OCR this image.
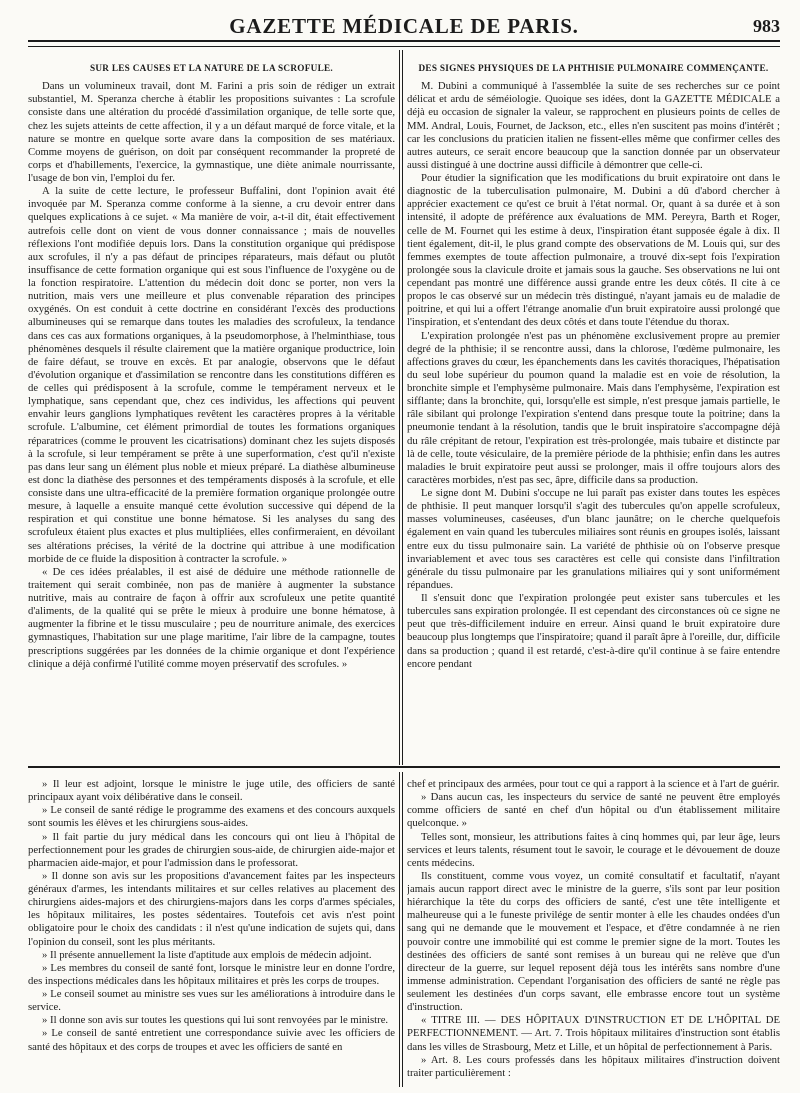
GAZETTE MÉDICALE DE PARIS.	983
SUR LES CAUSES ET LA NATURE DE LA SCROFULE.

Dans un volumineux travail, dont M. Farini a pris soin de rédiger un extrait substantiel, M. Speranza cherche à établir les propositions suivantes : La scrofule consiste dans une altération du procédé d'assimilation organique, de telle sorte que, chez les sujets atteints de cette affection, il y a un défaut marqué de force vitale, et la nature se montre en quelque sorte avare dans la composition de ses matériaux. Comme moyens de guérison, on doit par conséquent recommander la propreté de corps et d'habillements, l'exercice, la gymnastique, une diète animale nourrissante, l'usage de bon vin, l'emploi du fer.

A la suite de cette lecture, le professeur Buffalini, dont l'opinion avait été invoquée par M. Speranza comme conforme à la sienne, a cru devoir entrer dans quelques explications à ce sujet. « Ma manière de voir, a-t-il dit, était effectivement autrefois celle dont on vient de vous donner connaissance ; mais de nouvelles réflexions l'ont modifiée depuis lors. Dans la constitution organique qui prédispose aux scrofules, il n'y a pas défaut de principes réparateurs, mais défaut ou plutôt insuffisance de cette formation organique qui est sous l'influence de l'oxygène ou de la fonction respiratoire. L'attention du médecin doit donc se porter, non vers la nutrition, mais vers une meilleure et plus convenable réparation des principes oxygénés. On est conduit à cette doctrine en considérant l'excès des productions albumineuses qui se remarque dans toutes les maladies des scrofuleux, la tendance dans ces cas aux formations organiques, à la pseudomorphose, à l'helminthiase, tous phénomènes desquels il résulte clairement que la matière organique productrice, loin de faire défaut, se trouve en excès. Et par analogie, observons que le défaut d'évolution organique et d'assimilation se rencontre dans les constitutions différen es de celles qui prédisposent à la scrofule, comme le tempérament nerveux et le lymphatique, sans cependant que, chez ces individus, les affections qui peuvent envahir leurs ganglions lymphatiques revêtent les caractères propres à la véritable scrofule. L'albumine, cet élément primordial de toutes les formations organiques réparatrices (comme le prouvent les cicatrisations) dominant chez les sujets disposés à la scrofule, si leur tempérament se prête à une superformation, c'est qu'il n'existe pas dans leur sang un élément plus noble et mieux préparé. La diathèse albumineuse est donc la diathèse des personnes et des tempéraments disposés à la scrofule, et elle consiste dans une ultra-efficacité de la première formation organique prolongée outre mesure, à laquelle a ensuite manqué cette évolution successive qui dépend de la respiration et qui constitue une bonne hématose. Si les analyses du sang des scrofuleux étaient plus exactes et plus multipliées, elles confirmeraient, en dévoilant ses altérations précises, la vérité de la doctrine qui attribue à une modification morbide de ce fluide la disposition à contracter la scrofule. »

« De ces idées préalables, il est aisé de déduire une méthode rationnelle de traitement qui serait combinée, non pas de manière à augmenter la substance nutritive, mais au contraire de façon à offrir aux scrofuleux une petite quantité d'aliments, de la qualité qui se prête le mieux à produire une bonne hématose, à augmenter la fibrine et le tissu musculaire ; peu de nourriture animale, des exercices gymnastiques, l'habitation sur une plage maritime, l'air libre de la campagne, toutes prescriptions suggérées par les données de la chimie organique et dont l'expérience clinique a déjà confirmé l'utilité comme moyen préservatif des scrofules. »

DES SIGNES PHYSIQUES DE LA PHTHISIE PULMONAIRE COMMENÇANTE.

M. Dubini a communiqué à l'assemblée la suite de ses recherches sur ce point délicat et ardu de séméiologie. Quoique ses idées, dont la GAZETTE MÉDICALE a déjà eu occasion de signaler la valeur, se rapprochent en plusieurs points de celles de MM. Andral, Louis, Fournet, de Jackson, etc., elles n'en suscitent pas moins d'intérêt ; car les conclusions du praticien italien ne fissent-elles même que confirmer celles des autres auteurs, ce serait encore beaucoup que la sanction donnée par un observateur aussi distingué à une doctrine aussi difficile à démontrer que celle-ci.

Pour étudier la signification que les modifications du bruit expiratoire ont dans le diagnostic de la tuberculisation pulmonaire, M. Dubini a dû d'abord chercher à apprécier exactement ce qu'est ce bruit à l'état normal. Or, quant à sa durée et à son intensité, il adopte de préférence aux évaluations de MM. Pereyra, Barth et Roger, celle de M. Fournet qui les estime à deux, l'inspiration étant supposée égale à dix. Il tient également, dit-il, le plus grand compte des observations de M. Louis qui, sur des femmes exemptes de toute affection pulmonaire, a trouvé dix-sept fois l'expiration prolongée sous la clavicule droite et jamais sous la gauche. Ses observations ne lui ont cependant pas montré une différence aussi grande entre les deux côtés. Il cite à ce propos le cas observé sur un médecin très distingué, n'ayant jamais eu de maladie de poitrine, et qui lui a offert l'étrange anomalie d'un bruit expiratoire aussi prolongé que l'inspiration, et s'entendant des deux côtés et dans toute l'étendue du thorax.

L'expiration prolongée n'est pas un phénomène exclusivement propre au premier degré de la phthisie; il se rencontre aussi, dans la chlorose, l'œdème pulmonaire, les affections graves du cœur, les épanchements dans les cavités thoraciques, l'hépatisation du seul lobe supérieur du poumon quand la maladie est en voie de résolution, la bronchite simple et l'emphysème pulmonaire. Mais dans l'emphysème, l'expiration est sifflante; dans la bronchite, qui, lorsqu'elle est simple, n'est presque jamais partielle, le râle sibilant qui prolonge l'expiration s'entend dans presque toute la poitrine; dans la pneumonie tendant à la résolution, tandis que le bruit inspiratoire s'accompagne déjà du râle crépitant de retour, l'expiration est très-prolongée, mais tubaire et distincte par là de celle, toute vésiculaire, de la première période de la phthisie; enfin dans les autres maladies le bruit expiratoire peut aussi se prolonger, mais il offre toujours alors des caractères morbides, n'est pas sec, âpre, difficile dans sa production.

Le signe dont M. Dubini s'occupe ne lui paraît pas exister dans toutes les espèces de phthisie. Il peut manquer lorsqu'il s'agit des tubercules qu'on appelle scrofuleux, masses volumineuses, caséeuses, d'un blanc jaunâtre; on le cherche quelquefois également en vain quand les tubercules miliaires sont réunis en groupes isolés, laissant entre eux du tissu pulmonaire sain. La variété de phthisie où on l'observe presque invariablement et avec tous ses caractères est celle qui consiste dans l'infiltration générale du tissu pulmonaire par les granulations miliaires qui y sont uniformément répandues.

Il s'ensuit donc que l'expiration prolongée peut exister sans tubercules et les tubercules sans expiration prolongée. Il est cependant des circonstances où ce signe ne peut que très-difficilement induire en erreur. Ainsi quand le bruit expiratoire dure beaucoup plus longtemps que l'inspiratoire; quand il paraît âpre à l'oreille, dur, difficile dans sa production ; quand il est retardé, c'est-à-dire qu'il continue à se faire entendre encore pendant

» Il leur est adjoint, lorsque le ministre le juge utile, des officiers de santé principaux ayant voix délibérative dans le conseil.

» Le conseil de santé rédige le programme des examens et des concours auxquels sont soumis les élèves et les chirurgiens sous-aides.

» Il fait partie du jury médical dans les concours qui ont lieu à l'hôpital de perfectionnement pour les grades de chirurgien sous-aide, de chirurgien aide-major et pharmacien aide-major, et pour l'admission dans le professorat.

» Il donne son avis sur les propositions d'avancement faites par les inspecteurs généraux d'armes, les intendants militaires et sur celles relatives au placement des chirurgiens aides-majors et des chirurgiens-majors dans les corps d'armes spéciales, les hôpitaux militaires, les postes sédentaires. Toutefois cet avis n'est point obligatoire pour le choix des candidats : il n'est qu'une indication de sujets qui, dans l'opinion du conseil, sont les plus méritants.

» Il présente annuellement la liste d'aptitude aux emplois de médecin adjoint.

» Les membres du conseil de santé font, lorsque le ministre leur en donne l'ordre, des inspections médicales dans les hôpitaux militaires et près les corps de troupes.

» Le conseil soumet au ministre ses vues sur les améliorations à introduire dans le service.

» Il donne son avis sur toutes les questions qui lui sont renvoyées par le ministre.

» Le conseil de santé entretient une correspondance suivie avec les officiers de santé des hôpitaux et des corps de troupes et avec les officiers de santé en

chef et principaux des armées, pour tout ce qui a rapport à la science et à l'art de guérir.

» Dans aucun cas, les inspecteurs du service de santé ne peuvent être employés comme officiers de santé en chef d'un hôpital ou d'un établissement militaire quelconque. »

Telles sont, monsieur, les attributions faites à cinq hommes qui, par leur âge, leurs services et leurs talents, résument tout le savoir, le courage et le dévouement de douze cents médecins.

Ils constituent, comme vous voyez, un comité consultatif et facultatif, n'ayant jamais aucun rapport direct avec le ministre de la guerre, s'ils sont par leur position hiérarchique la tête du corps des officiers de santé, c'est une tête intelligente et malheureuse qui a le funeste privilége de sentir monter à elle les chaudes ondées d'un sang qui ne demande que le mouvement et l'espace, et d'être condamnée à ne rien pouvoir contre une immobilité qui est comme le premier signe de la mort. Toutes les destinées des officiers de santé sont remises à un bureau qui ne relève que d'un directeur de la guerre, sur lequel reposent déjà tous les intérêts sans nombre d'une immense administration. Cependant l'organisation des officiers de santé ne règle pas seulement les destinées d'un corps savant, elle embrasse encore tout un système d'instruction.

« TITRE III. — DES HÔPITAUX D'INSTRUCTION ET DE L'HÔPITAL DE PERFECTIONNEMENT. — Art. 7. Trois hôpitaux militaires d'instruction sont établis dans les villes de Strasbourg, Metz et Lille, et un hôpital de perfectionnement à Paris.

» Art. 8. Les cours professés dans les hôpitaux militaires d'instruction doivent traiter particulièrement :
